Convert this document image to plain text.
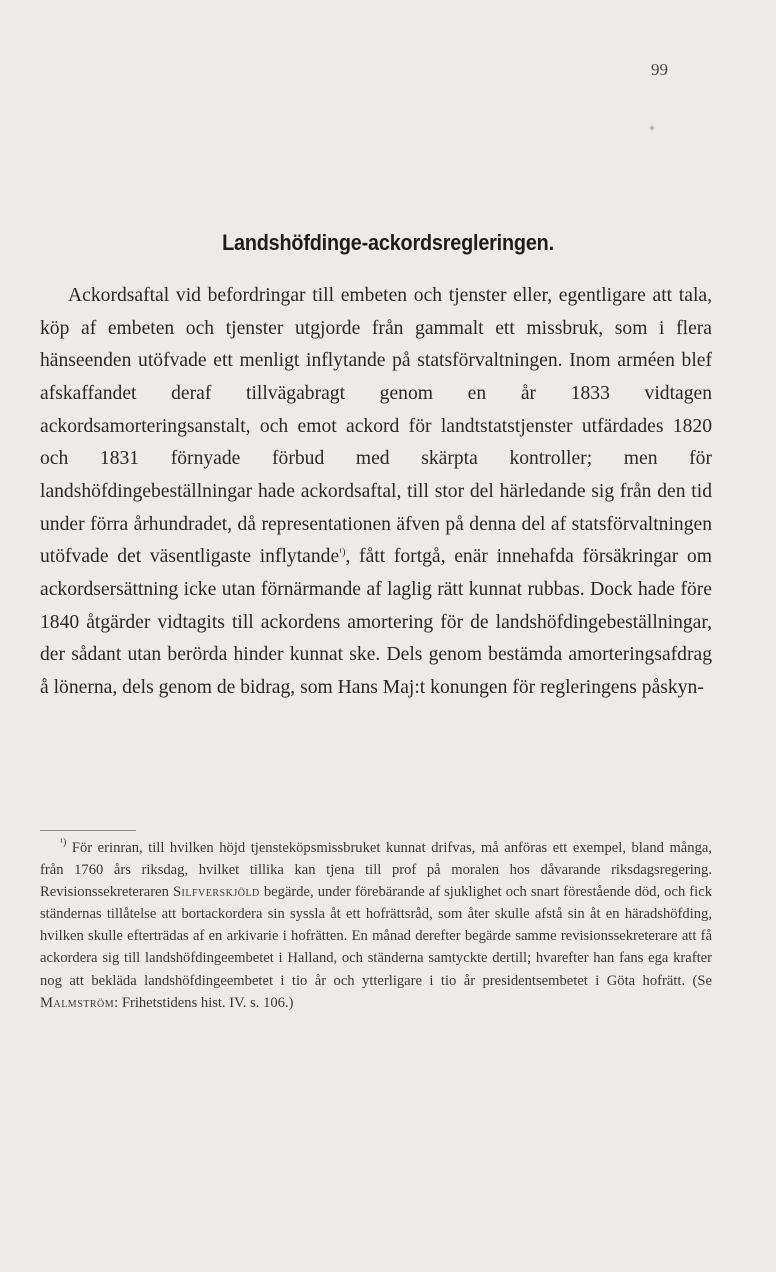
99
Landshöfdinge-ackordsregleringen.

Ackordsaftal vid befordringar till embeten och tjenster eller, egentligare att tala, köp af embeten och tjenster utgjorde från gammalt ett missbruk, som i flera hänseenden utöfvade ett menligt inflytande på statsförvaltningen. Inom arméen blef afskaffandet deraf tillvägabragt genom en år 1833 vidtagen ackordsamorteringsanstalt, och emot ackord för landtstatstjenster utfärdades 1820 och 1831 förnyade förbud med skärpta kontroller; men för landshöfdingebeställningar hade ackordsaftal, till stor del härledande sig från den tid under förra århundradet, då representationen äfven på denna del af statsförvaltningen utöfvade det väsentligaste inflytande$^{^1)}$, fått fortgå, enär innehafda försäkringar om ackordsersättning icke utan förnärmande af laglig rätt kunnat rubbas. Dock hade före 1840 åtgärder vidtagits till ackordens amortering för de landshöfdingebeställningar, der sådant utan berörda hinder kunnat ske. Dels genom bestämda amorteringsafdrag å lönerna, dels genom de bidrag, som Hans Maj:t konungen för regleringens påskyn-

$^{^1)}$ För erinran, till hvilken höjd tjensteköpsmissbruket kunnat drifvas, må anföras ett exempel, bland många, från 1760 års riksdag, hvilket tillika kan tjena till prof på moralen hos dåvarande riksdagsregering. Revisionssekreteraren Silfverskjöld begärde, under förebärande af sjuklighet och snart förestående död, och fick ständernas tillåtelse att bortackordera sin syssla åt ett hofrättsråd, som åter skulle afstå sin åt en häradshöfding, hvilken skulle efterträdas af en arkivarie i hofrätten. En månad derefter begärde samme revisionssekreterare att få ackordera sig till landshöfdingeembetet i Halland, och ständerna samtyckte dertill; hvarefter han fans ega krafter nog att bekläda landshöfdingeembetet i tio år och ytterligare i tio år presidentsembetet i Göta hofrätt. (Se Malmström: Frihetstidens hist. IV. s. 106.)
